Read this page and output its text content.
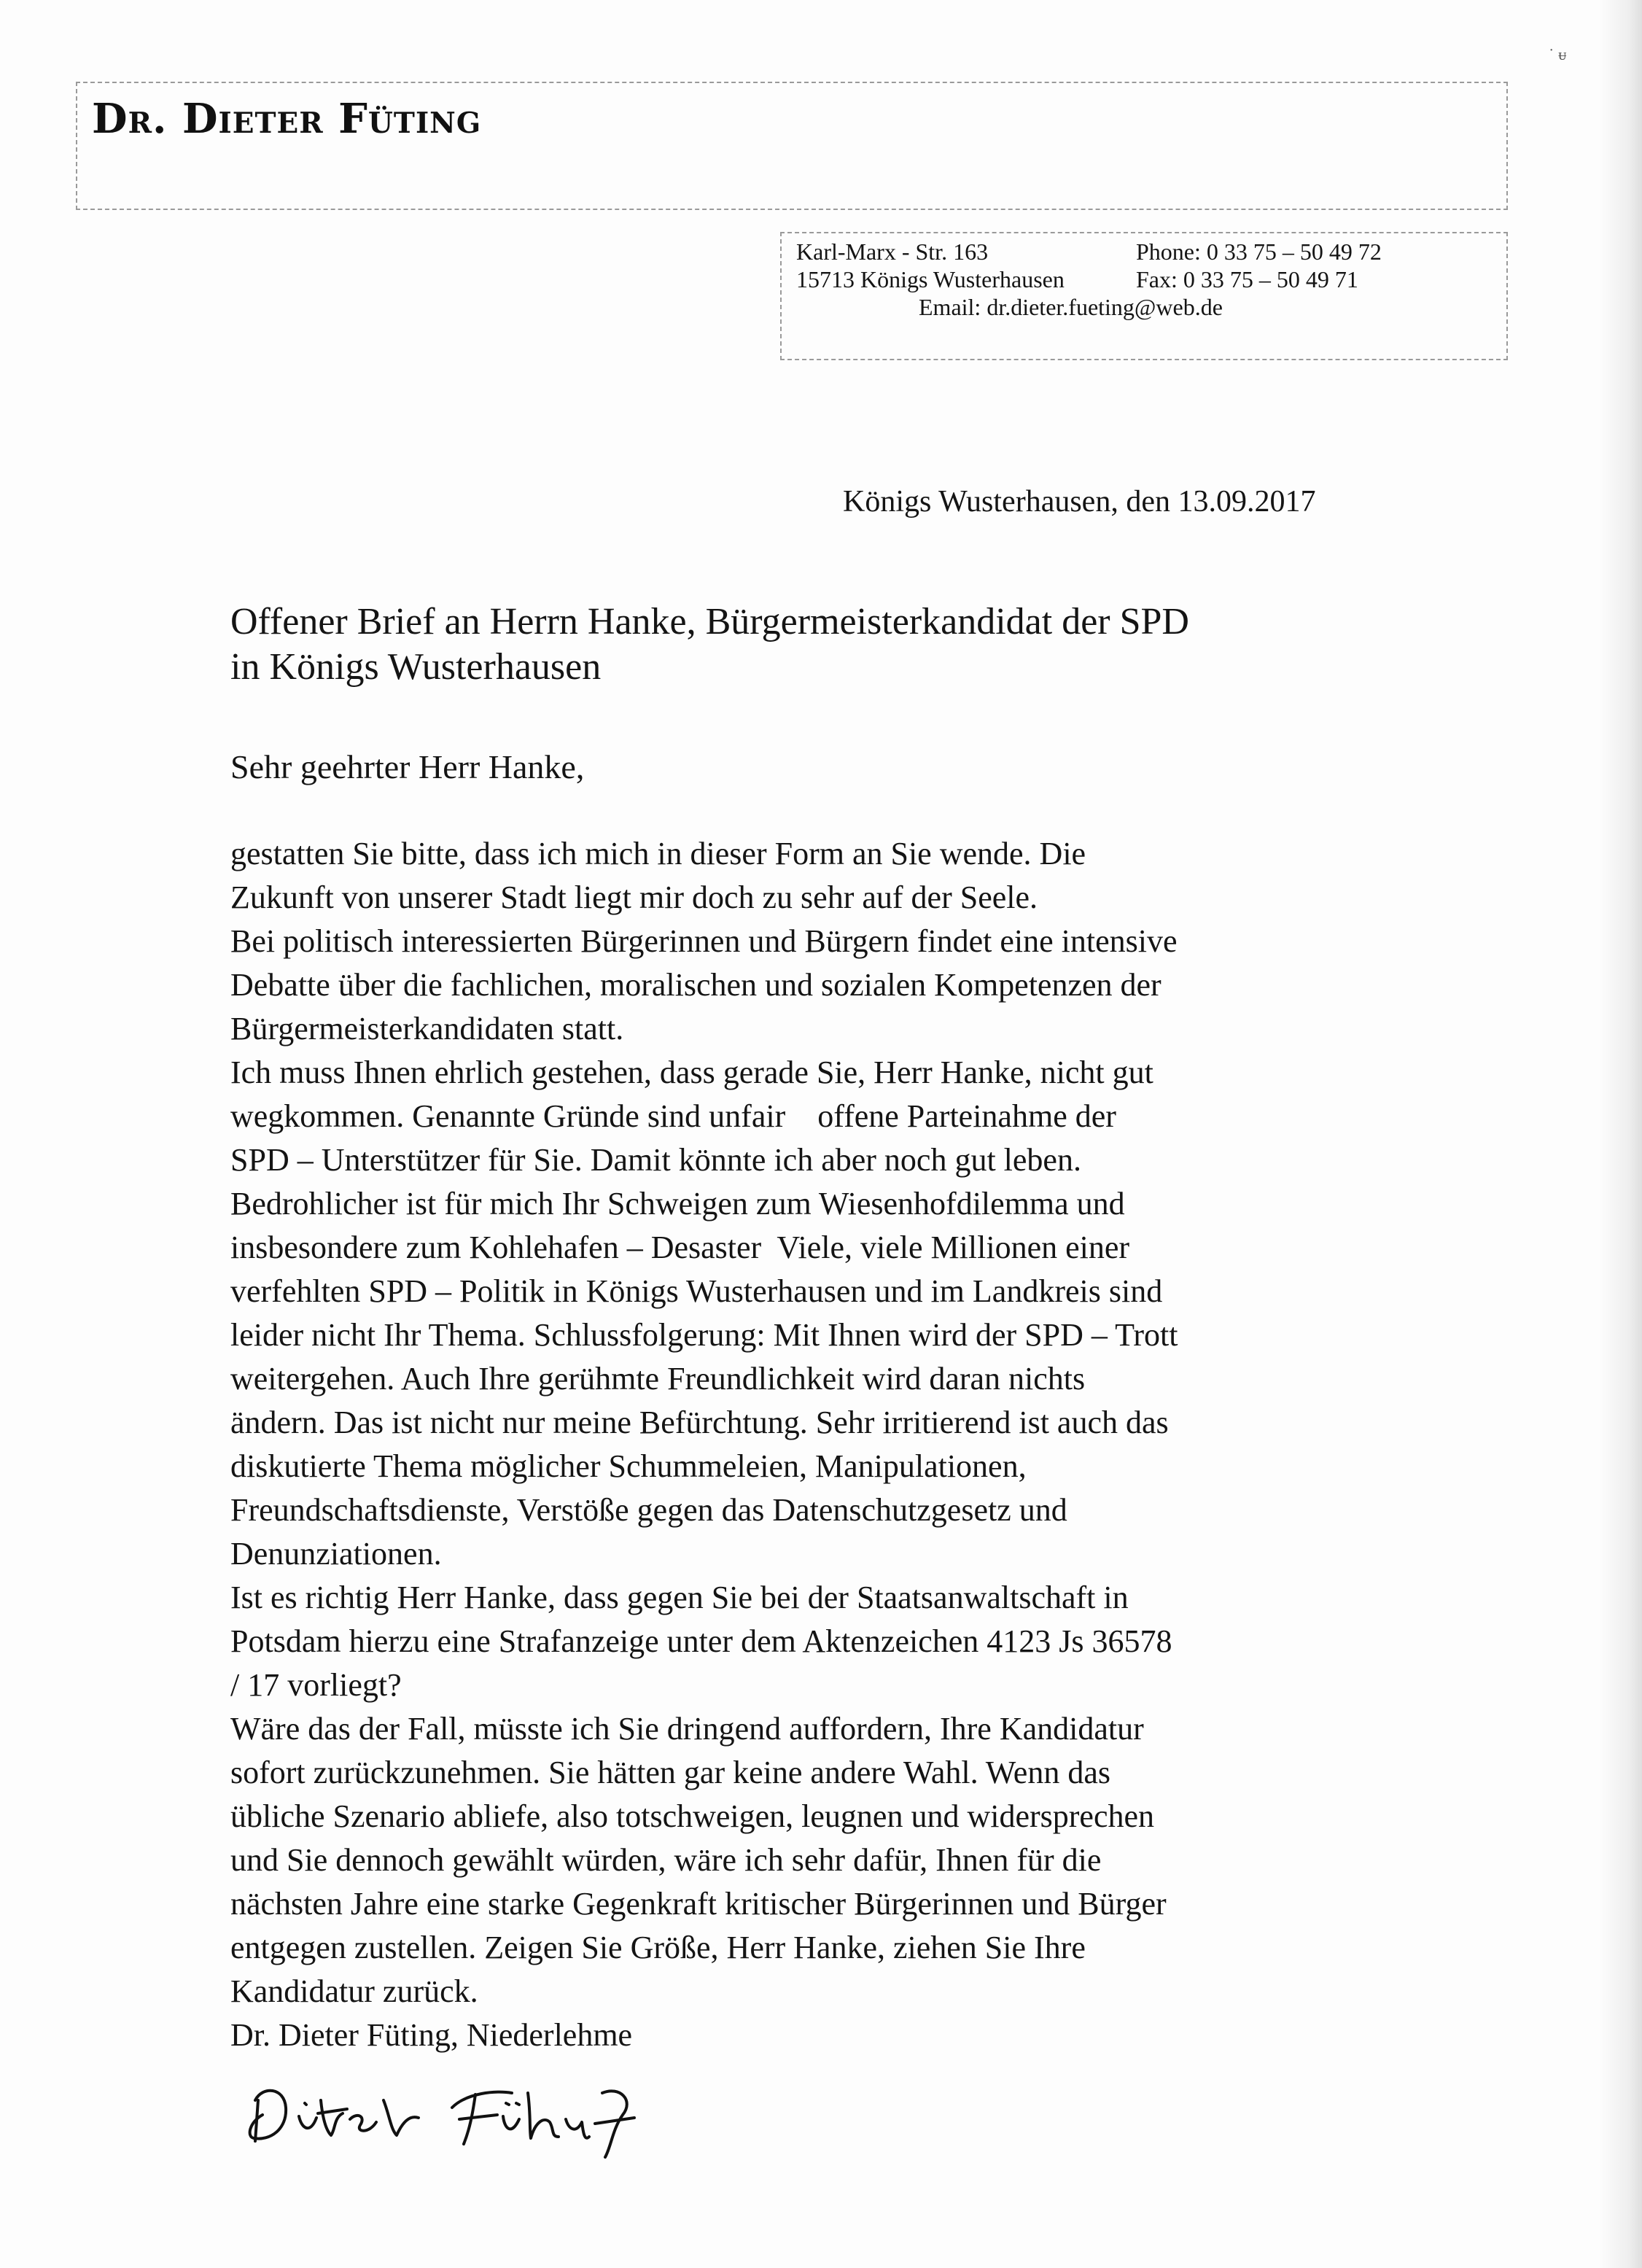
˙ ᵾ
Dr. Dieter Füting
Karl-Marx - Str. 163
15713 Königs Wusterhausen
Phone: 0 33 75 – 50 49 72
Fax: 0 33 75 – 50 49 71
Email: dr.dieter.fueting@web.de
Königs Wusterhausen, den 13.09.2017
Offener Brief an Herrn Hanke, Bürgermeisterkandidat der SPD
in Königs Wusterhausen
Sehr geehrter Herr Hanke,
gestatten Sie bitte, dass ich mich in dieser Form an Sie wende. Die
Zukunft von unserer Stadt liegt mir doch zu sehr auf der Seele.
Bei politisch interessierten Bürgerinnen und Bürgern findet eine intensive
Debatte über die fachlichen, moralischen und sozialen Kompetenzen der
Bürgermeisterkandidaten statt.
Ich muss Ihnen ehrlich gestehen, dass gerade Sie, Herr Hanke, nicht gut
wegkommen. Genannte Gründe sind unfair    offene Parteinahme der
SPD – Unterstützer für Sie. Damit könnte ich aber noch gut leben.
Bedrohlicher ist für mich Ihr Schweigen zum Wiesenhofdilemma und
insbesondere zum Kohlehafen – Desaster  Viele, viele Millionen einer
verfehlten SPD – Politik in Königs Wusterhausen und im Landkreis sind
leider nicht Ihr Thema. Schlussfolgerung: Mit Ihnen wird der SPD – Trott
weitergehen. Auch Ihre gerühmte Freundlichkeit wird daran nichts
ändern. Das ist nicht nur meine Befürchtung. Sehr irritierend ist auch das
diskutierte Thema möglicher Schummeleien, Manipulationen,
Freundschaftsdienste, Verstöße gegen das Datenschutzgesetz und
Denunziationen.
Ist es richtig Herr Hanke, dass gegen Sie bei der Staatsanwaltschaft in
Potsdam hierzu eine Strafanzeige unter dem Aktenzeichen 4123 Js 36578
/ 17 vorliegt?
Wäre das der Fall, müsste ich Sie dringend auffordern, Ihre Kandidatur
sofort zurückzunehmen. Sie hätten gar keine andere Wahl. Wenn das
übliche Szenario abliefe, also totschweigen, leugnen und widersprechen
und Sie dennoch gewählt würden, wäre ich sehr dafür, Ihnen für die
nächsten Jahre eine starke Gegenkraft kritischer Bürgerinnen und Bürger
entgegen zustellen. Zeigen Sie Größe, Herr Hanke, ziehen Sie Ihre
Kandidatur zurück.
Dr. Dieter Füting, Niederlehme
